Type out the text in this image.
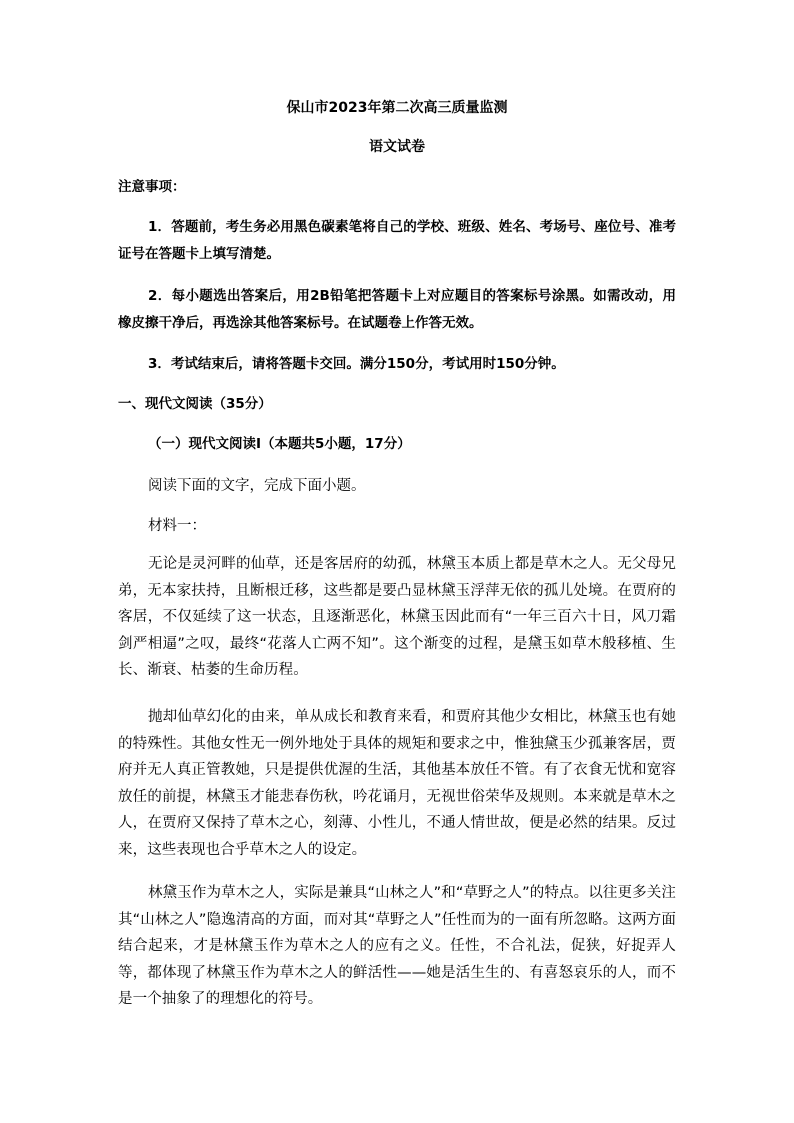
保山市2023年第二次高三质量监测
语文试卷
注意事项：
1．答题前，考生务必用黑色碳素笔将自己的学校、班级、姓名、考场号、座位号、准考证号在答题卡上填写清楚。
2．每小题选出答案后，用2B铅笔把答题卡上对应题目的答案标号涂黑。如需改动，用橡皮擦干净后，再选涂其他答案标号。在试题卷上作答无效。
3．考试结束后，请将答题卡交回。满分150分，考试用时150分钟。
一、现代文阅读（35分）
（一）现代文阅读Ⅰ（本题共5小题，17分）
阅读下面的文字，完成下面小题。
材料一：
无论是灵河畔的仙草，还是客居府的幼孤，林黛玉本质上都是草木之人。无父母兄弟，无本家扶持，且断根迁移，这些都是要凸显林黛玉浮萍无依的孤儿处境。在贾府的客居，不仅延续了这一状态，且逐渐恶化，林黛玉因此而有“一年三百六十日，风刀霜剑严相逼”之叹，最终“花落人亡两不知”。这个渐变的过程，是黛玉如草木般移植、生长、渐衰、枯萎的生命历程。
抛却仙草幻化的由来，单从成长和教育来看，和贾府其他少女相比，林黛玉也有她的特殊性。其他女性无一例外地处于具体的规矩和要求之中，惟独黛玉少孤兼客居，贾府并无人真正管教她，只是提供优渥的生活，其他基本放任不管。有了衣食无忧和宽容放任的前提，林黛玉才能悲春伤秋，吟花诵月，无视世俗荣华及规则。本来就是草木之人，在贾府又保持了草木之心，刻薄、小性儿，不通人情世故，便是必然的结果。反过来，这些表现也合乎草木之人的设定。
林黛玉作为草木之人，实际是兼具“山林之人”和“草野之人”的特点。以往更多关注其“山林之人”隐逸清高的方面，而对其“草野之人”任性而为的一面有所忽略。这两方面结合起来，才是林黛玉作为草木之人的应有之义。任性，不合礼法，促狭，好捉弄人等，都体现了林黛玉作为草木之人的鲜活性——她是活生生的、有喜怒哀乐的人，而不是一个抽象了的理想化的符号。
